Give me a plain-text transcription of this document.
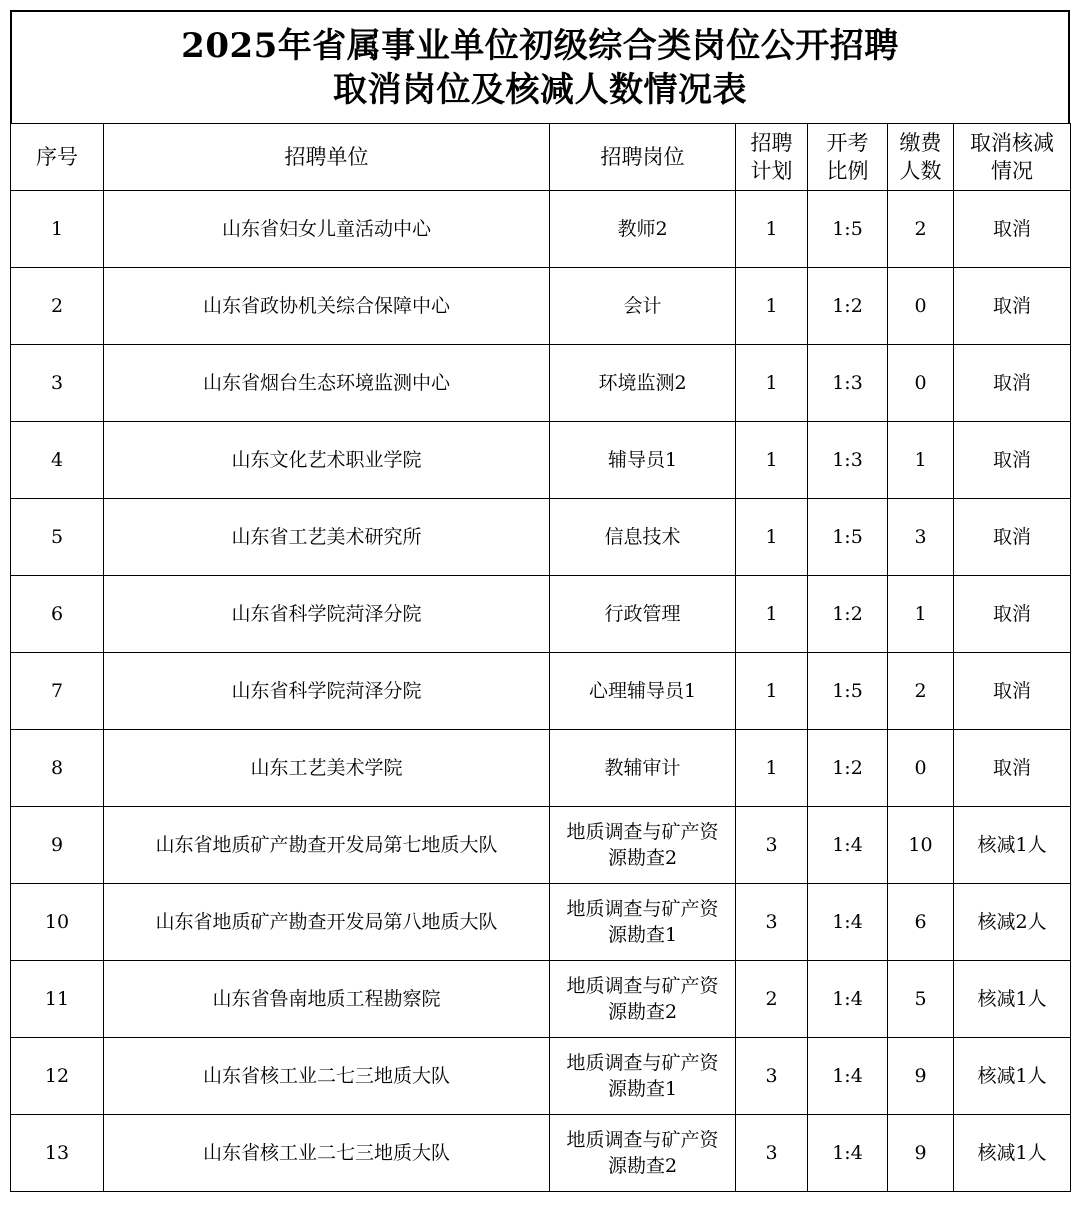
2025年省属事业单位初级综合类岗位公开招聘
取消岗位及核减人数情况表
序号	招聘单位	招聘岗位	招聘计划	开考比例	缴费人数	取消核减情况
1	山东省妇女儿童活动中心	教师2	1	1:5	2	取消
2	山东省政协机关综合保障中心	会计	1	1:2	0	取消
3	山东省烟台生态环境监测中心	环境监测2	1	1:3	0	取消
4	山东文化艺术职业学院	辅导员1	1	1:3	1	取消
5	山东省工艺美术研究所	信息技术	1	1:5	3	取消
6	山东省科学院菏泽分院	行政管理	1	1:2	1	取消
7	山东省科学院菏泽分院	心理辅导员1	1	1:5	2	取消
8	山东工艺美术学院	教辅审计	1	1:2	0	取消
9	山东省地质矿产勘查开发局第七地质大队	地质调查与矿产资源勘查2	3	1:4	10	核减1人
10	山东省地质矿产勘查开发局第八地质大队	地质调查与矿产资源勘查1	3	1:4	6	核减2人
11	山东省鲁南地质工程勘察院	地质调查与矿产资源勘查2	2	1:4	5	核减1人
12	山东省核工业二七三地质大队	地质调查与矿产资源勘查1	3	1:4	9	核减1人
13	山东省核工业二七三地质大队	地质调查与矿产资源勘查2	3	1:4	9	核减1人
